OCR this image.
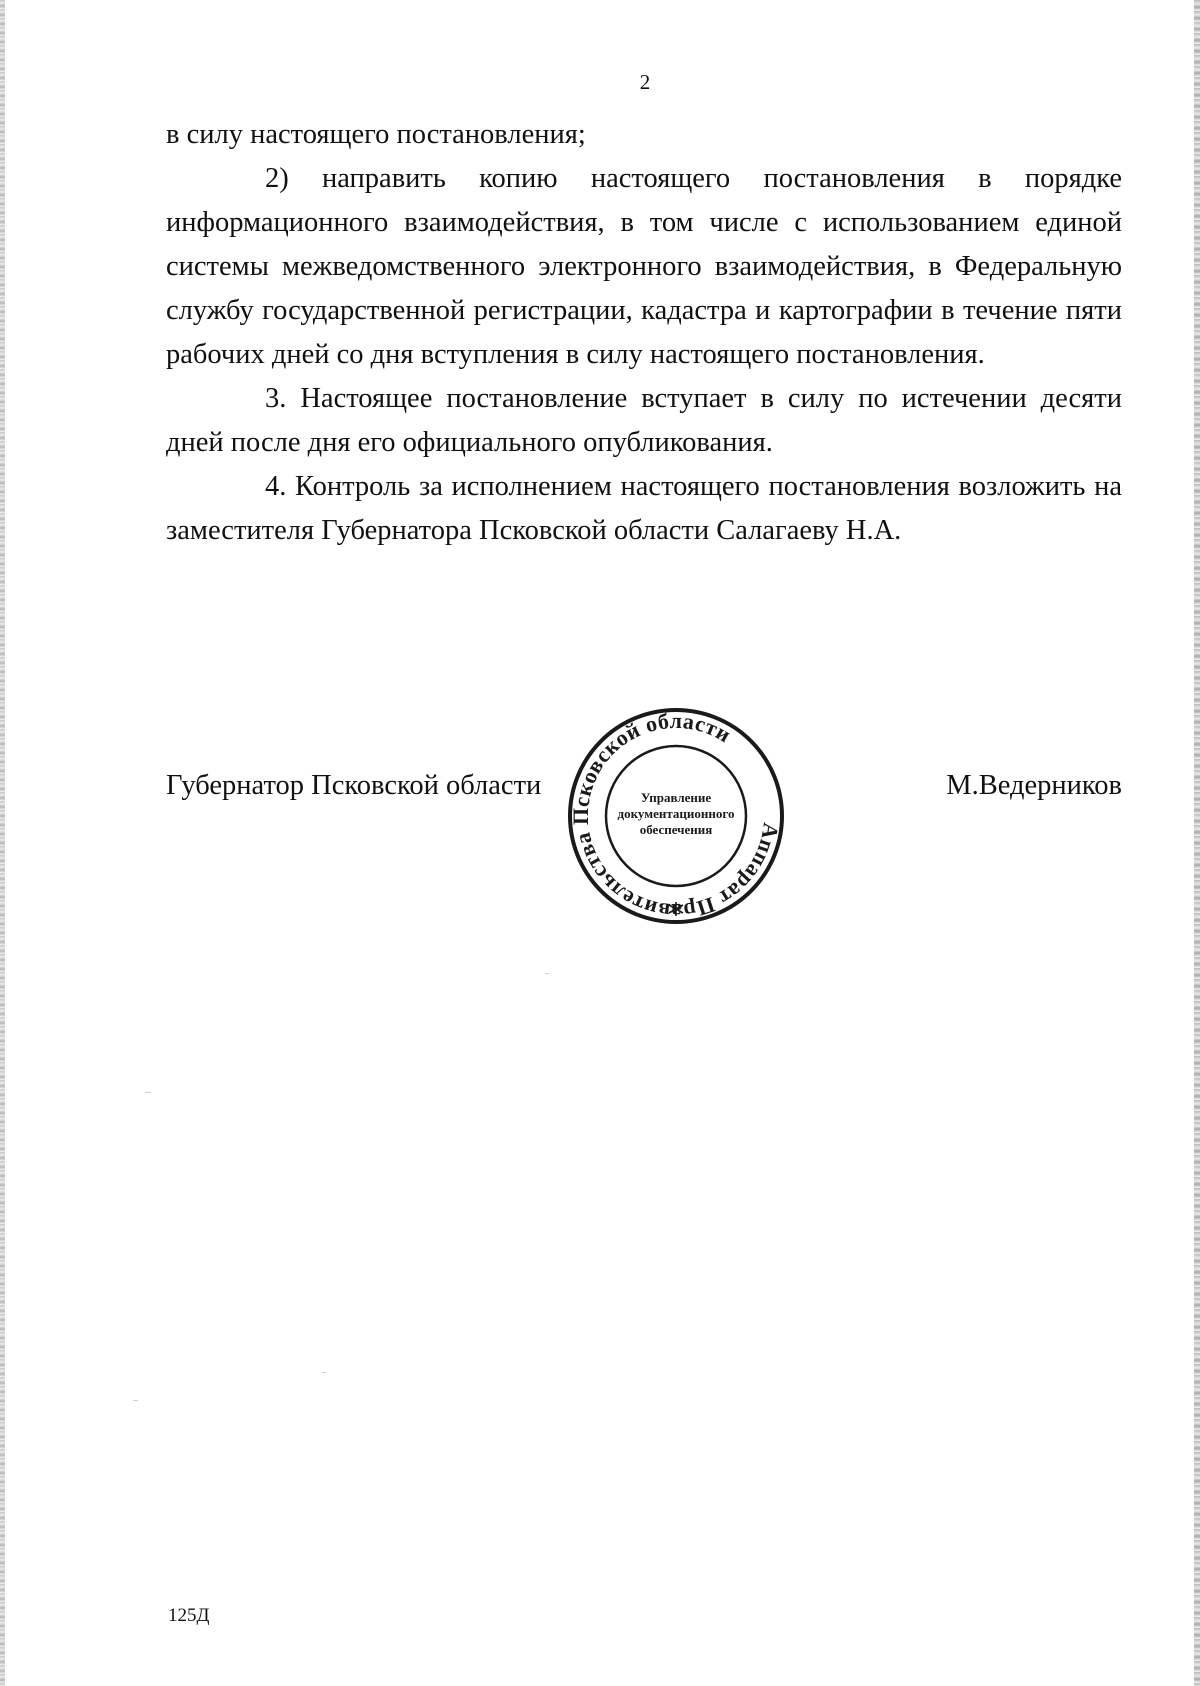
2

в силу настоящего постановления;

2) направить копию настоящего постановления в порядке информационного взаимодействия, в том числе с использованием единой системы межведомственного электронного взаимодействия, в Федеральную службу государственной регистрации, кадастра и картографии в течение пяти рабочих дней со дня вступления в силу настоящего постановления.

3. Настоящее постановление вступает в силу по истечении десяти дней после дня его официального опубликования.

4. Контроль за исполнением настоящего постановления возложить на заместителя Губернатора Псковской области Салагаеву Н.А.

Губернатор Псковской области	М.Ведерников
Аппарат Правительства Псковской области
Управление
документационного
обеспечения
125Д
